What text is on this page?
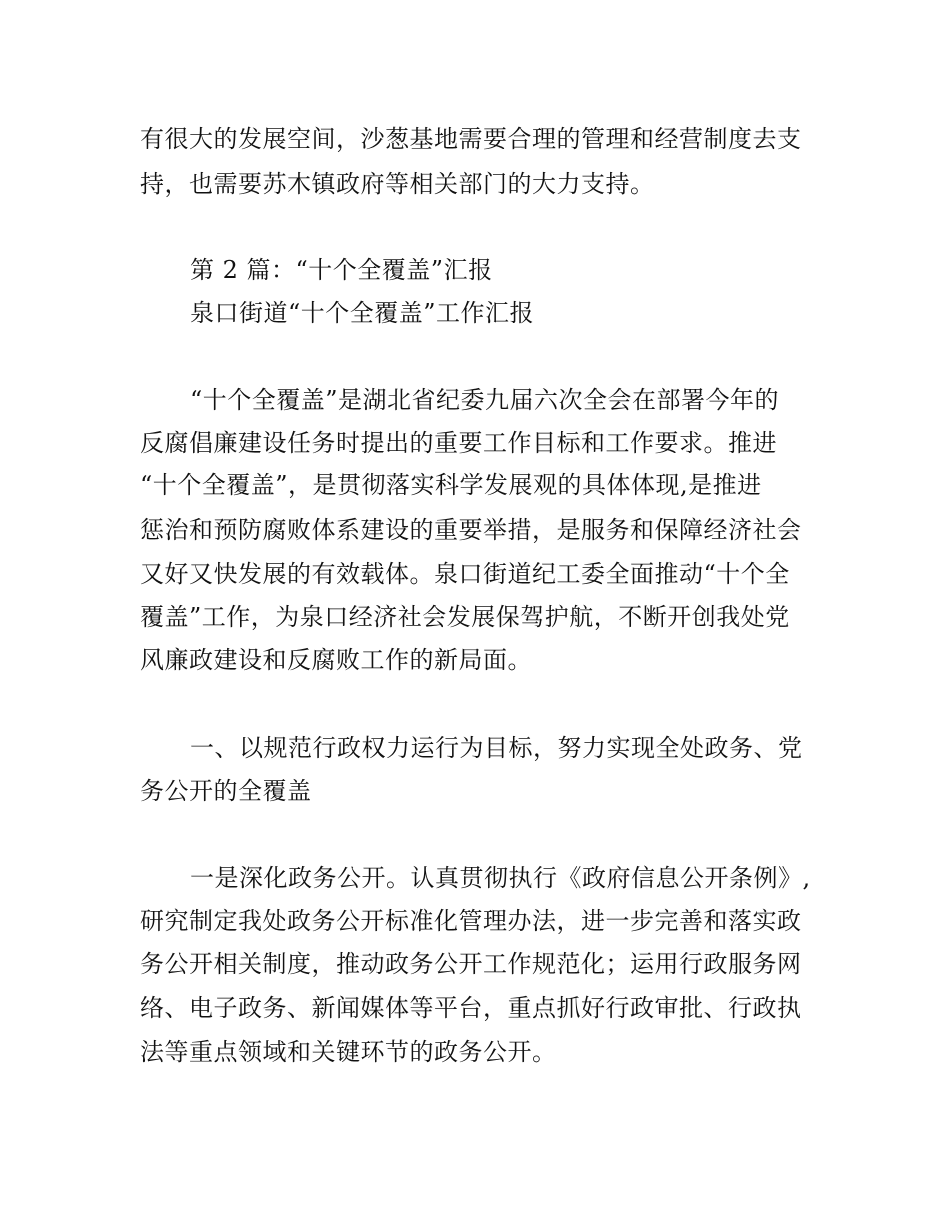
有很大的发展空间，沙葱基地需要合理的管理和经营制度去支
持，也需要苏木镇政府等相关部门的大力支持。
第 2 篇：“十个全覆盖”汇报
泉口街道“十个全覆盖”工作汇报
“十个全覆盖”是湖北省纪委九届六次全会在部署今年的
反腐倡廉建设任务时提出的重要工作目标和工作要求。推进
“十个全覆盖”，是贯彻落实科学发展观的具体体现,是推进
惩治和预防腐败体系建设的重要举措，是服务和保障经济社会
又好又快发展的有效载体。泉口街道纪工委全面推动“十个全
覆盖”工作，为泉口经济社会发展保驾护航，不断开创我处党
风廉政建设和反腐败工作的新局面。
一、以规范行政权力运行为目标，努力实现全处政务、党
务公开的全覆盖
一是深化政务公开。认真贯彻执行《政府信息公开条例》,
研究制定我处政务公开标准化管理办法，进一步完善和落实政
务公开相关制度，推动政务公开工作规范化；运用行政服务网
络、电子政务、新闻媒体等平台，重点抓好行政审批、行政执
法等重点领域和关键环节的政务公开。
